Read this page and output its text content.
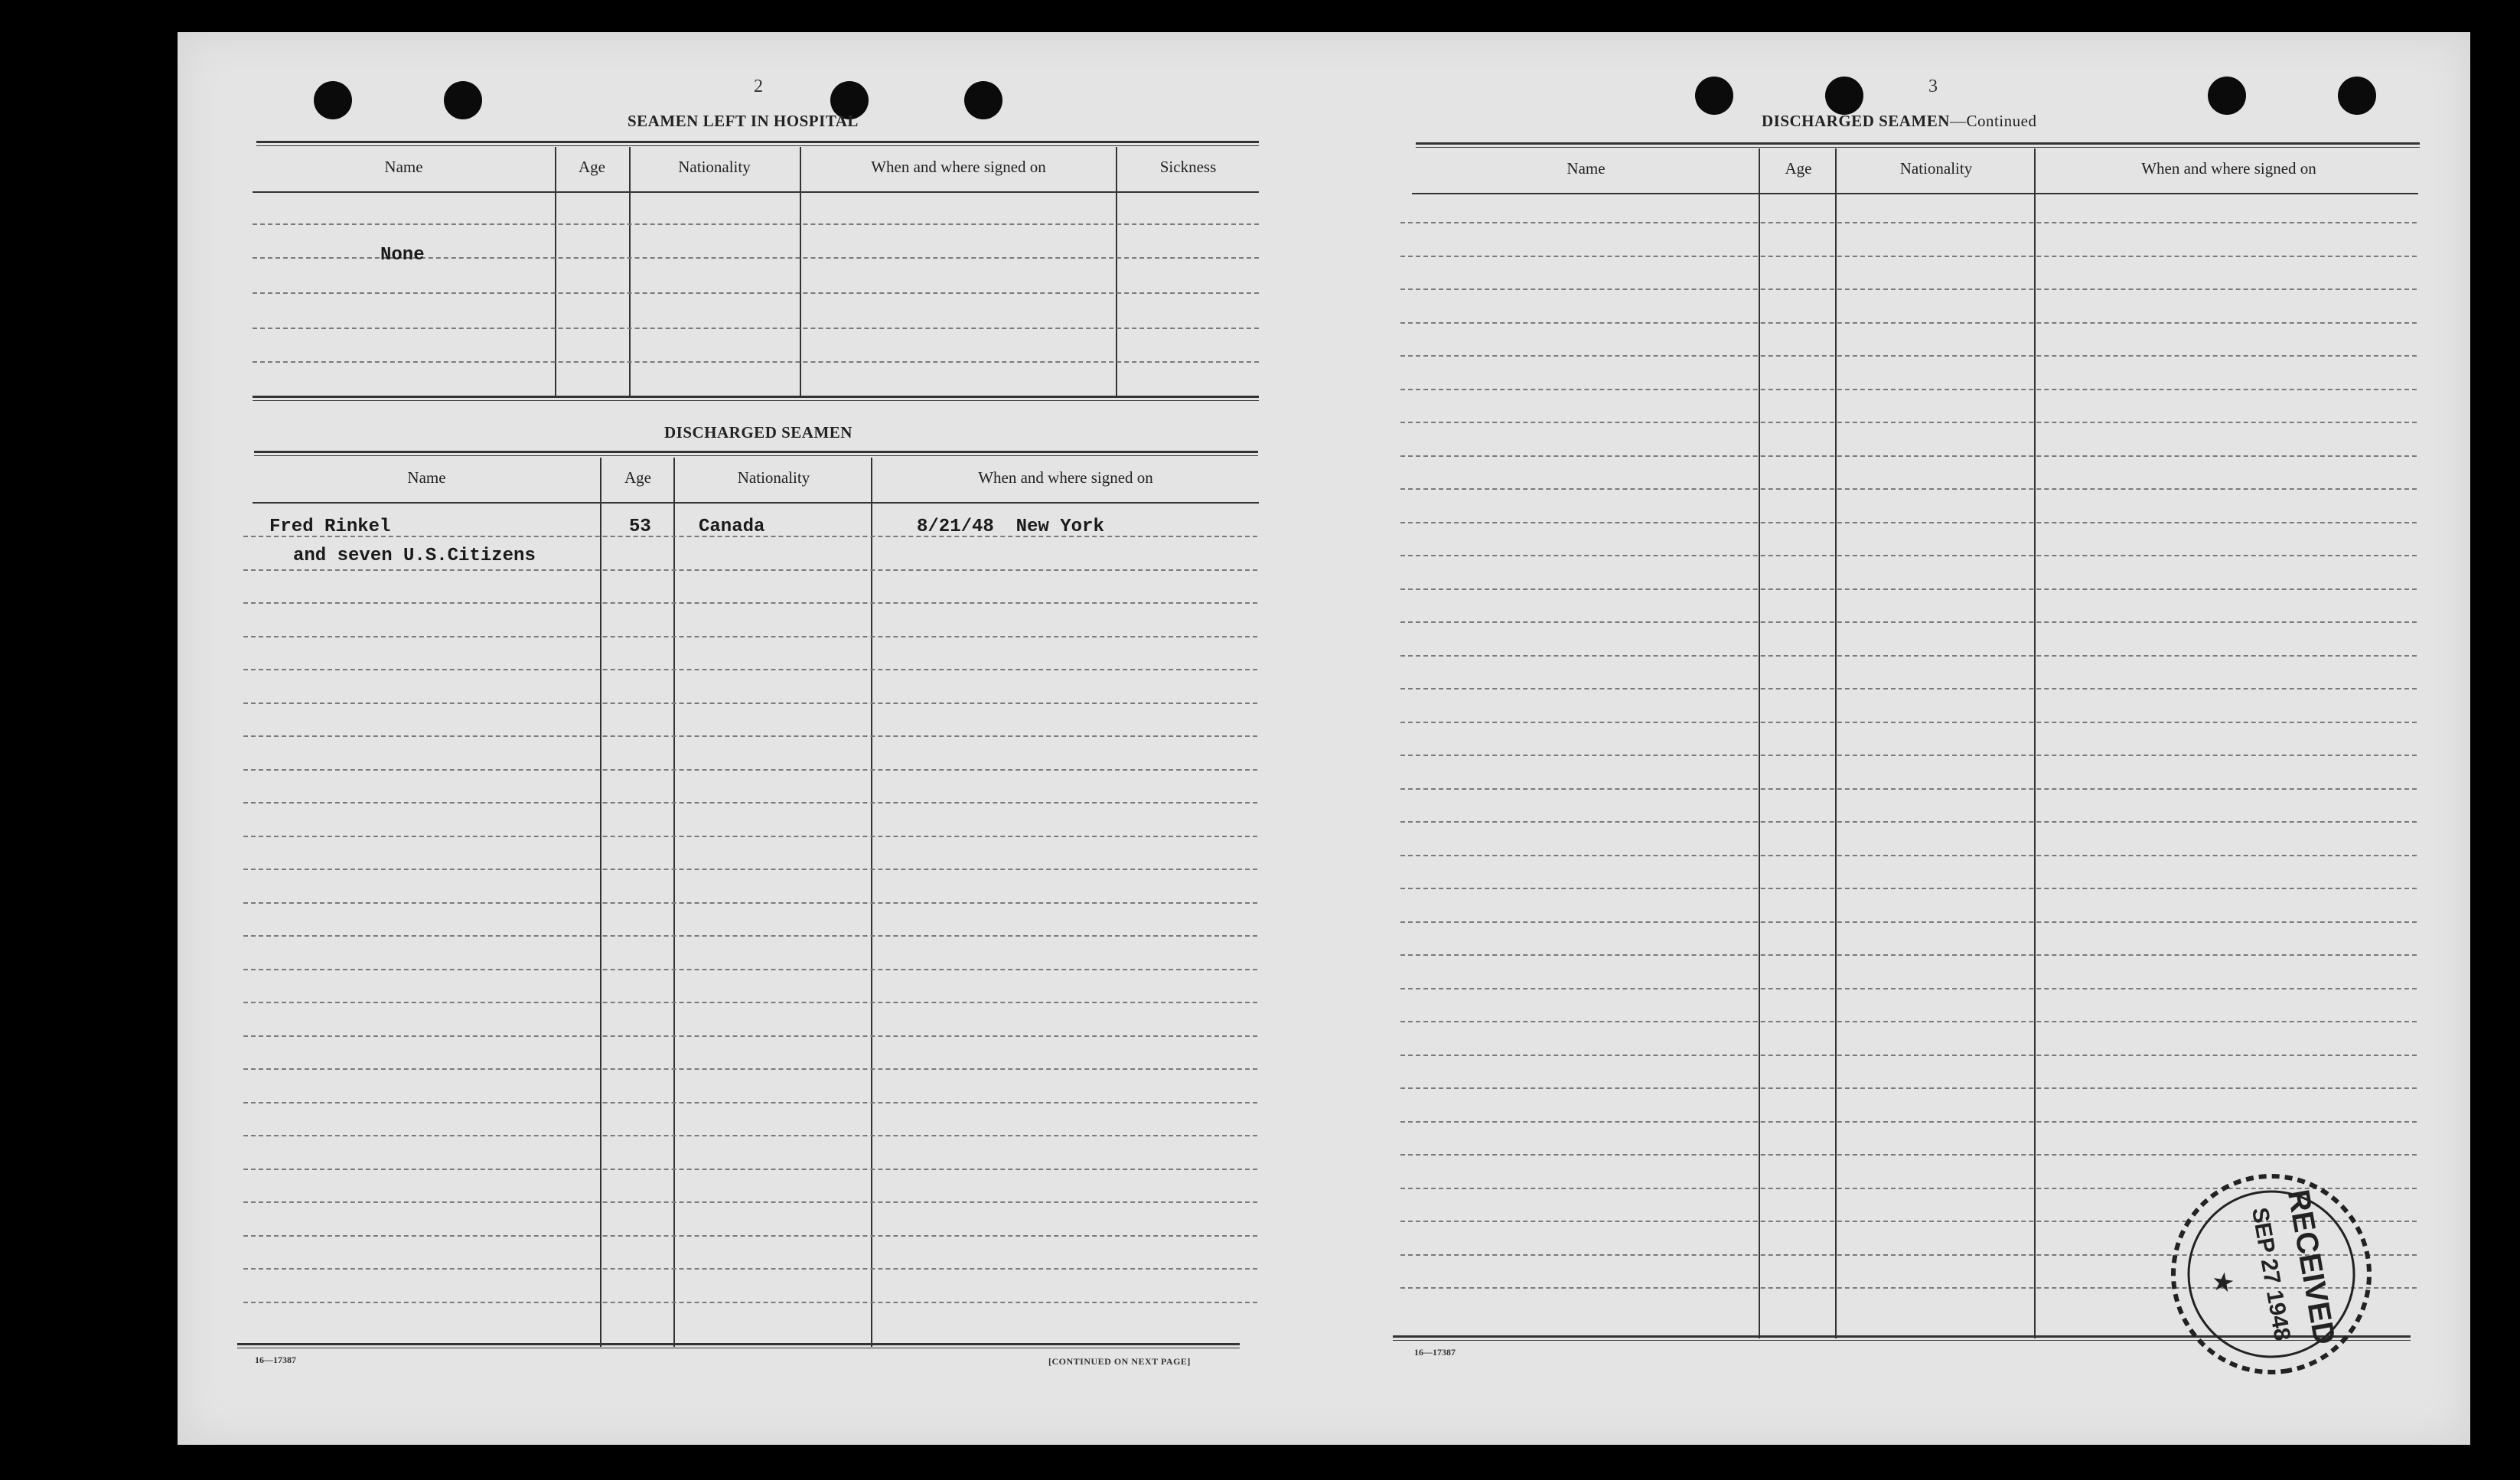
2
SEAMEN LEFT IN HOSPITAL
Name	Age	Nationality	When and where signed on	Sickness
None
DISCHARGED SEAMEN
Name	Age	Nationality	When and where signed on
Fred Rinkel
and seven U.S.Citizens
53	Canada	8/21/48  New York
16—17387	[CONTINUED ON NEXT PAGE]
3
DISCHARGED SEAMEN—Continued
Name	Age	Nationality	When and where signed on
16—17387
RECEIVED
SEP 27 1948
★
